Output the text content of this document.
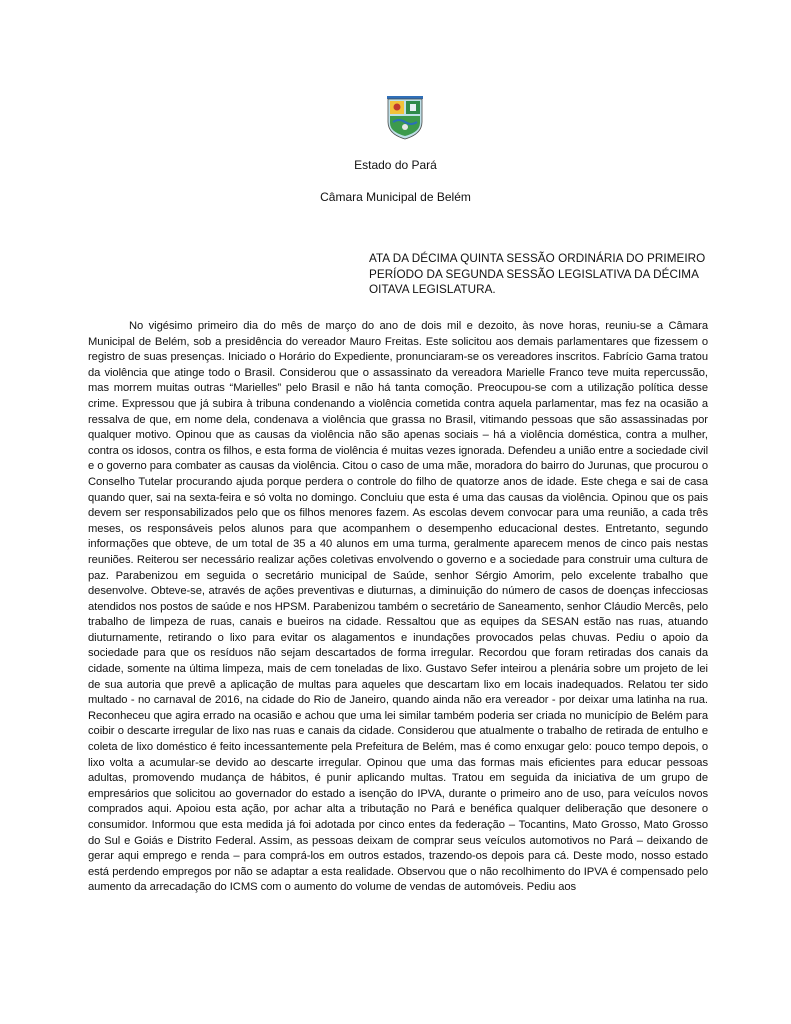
Estado do Pará
Câmara Municipal de Belém
ATA DA DÉCIMA QUINTA SESSÃO ORDINÁRIA DO PRIMEIRO PERÍODO DA SEGUNDA SESSÃO LEGISLATIVA DA DÉCIMA OITAVA LEGISLATURA.

No vigésimo primeiro dia do mês de março do ano de dois mil e dezoito, às nove horas, reuniu-se a Câmara Municipal de Belém, sob a presidência do vereador Mauro Freitas. Este solicitou aos demais parlamentares que fizessem o registro de suas presenças. Iniciado o Horário do Expediente, pronunciaram-se os vereadores inscritos. Fabrício Gama tratou da violência que atinge todo o Brasil. Considerou que o assassinato da vereadora Marielle Franco teve muita repercussão, mas morrem muitas outras “Marielles” pelo Brasil e não há tanta comoção. Preocupou-se com a utilização política desse crime. Expressou que já subira à tribuna condenando a violência cometida contra aquela parlamentar, mas fez na ocasião a ressalva de que, em nome dela, condenava a violência que grassa no Brasil, vitimando pessoas que são assassinadas por qualquer motivo. Opinou que as causas da violência não são apenas sociais – há a violência doméstica, contra a mulher, contra os idosos, contra os filhos, e esta forma de violência é muitas vezes ignorada. Defendeu a união entre a sociedade civil e o governo para combater as causas da violência. Citou o caso de uma mãe, moradora do bairro do Jurunas, que procurou o Conselho Tutelar procurando ajuda porque perdera o controle do filho de quatorze anos de idade. Este chega e sai de casa quando quer, sai na sexta-feira e só volta no domingo. Concluiu que esta é uma das causas da violência. Opinou que os pais devem ser responsabilizados pelo que os filhos menores fazem. As escolas devem convocar para uma reunião, a cada três meses, os responsáveis pelos alunos para que acompanhem o desempenho educacional destes. Entretanto, segundo informações que obteve, de um total de 35 a 40 alunos em uma turma, geralmente aparecem menos de cinco pais nestas reuniões. Reiterou ser necessário realizar ações coletivas envolvendo o governo e a sociedade para construir uma cultura de paz. Parabenizou em seguida o secretário municipal de Saúde, senhor Sérgio Amorim, pelo excelente trabalho que desenvolve. Obteve-se, através de ações preventivas e diuturnas, a diminuição do número de casos de doenças infecciosas atendidos nos postos de saúde e nos HPSM. Parabenizou também o secretário de Saneamento, senhor Cláudio Mercês, pelo trabalho de limpeza de ruas, canais e bueiros na cidade. Ressaltou que as equipes da SESAN estão nas ruas, atuando diuturnamente, retirando o lixo para evitar os alagamentos e inundações provocados pelas chuvas. Pediu o apoio da sociedade para que os resíduos não sejam descartados de forma irregular. Recordou que foram retiradas dos canais da cidade, somente na última limpeza, mais de cem toneladas de lixo. Gustavo Sefer inteirou a plenária sobre um projeto de lei de sua autoria que prevê a aplicação de multas para aqueles que descartam lixo em locais inadequados. Relatou ter sido multado - no carnaval de 2016, na cidade do Rio de Janeiro, quando ainda não era vereador - por deixar uma latinha na rua. Reconheceu que agira errado na ocasião e achou que uma lei similar também poderia ser criada no município de Belém para coibir o descarte irregular de lixo nas ruas e canais da cidade. Considerou que atualmente o trabalho de retirada de entulho e coleta de lixo doméstico é feito incessantemente pela Prefeitura de Belém, mas é como enxugar gelo: pouco tempo depois, o lixo volta a acumular-se devido ao descarte irregular. Opinou que uma das formas mais eficientes para educar pessoas adultas, promovendo mudança de hábitos, é punir aplicando multas. Tratou em seguida da iniciativa de um grupo de empresários que solicitou ao governador do estado a isenção do IPVA, durante o primeiro ano de uso, para veículos novos comprados aqui. Apoiou esta ação, por achar alta a tributação no Pará e benéfica qualquer deliberação que desonere o consumidor. Informou que esta medida já foi adotada por cinco entes da federação – Tocantins, Mato Grosso, Mato Grosso do Sul e Goiás e Distrito Federal. Assim, as pessoas deixam de comprar seus veículos automotivos no Pará – deixando de gerar aqui emprego e renda – para comprá-los em outros estados, trazendo-os depois para cá. Deste modo, nosso estado está perdendo empregos por não se adaptar a esta realidade. Observou que o não recolhimento do IPVA é compensado pelo aumento da arrecadação do ICMS com o aumento do volume de vendas de automóveis. Pediu aos
